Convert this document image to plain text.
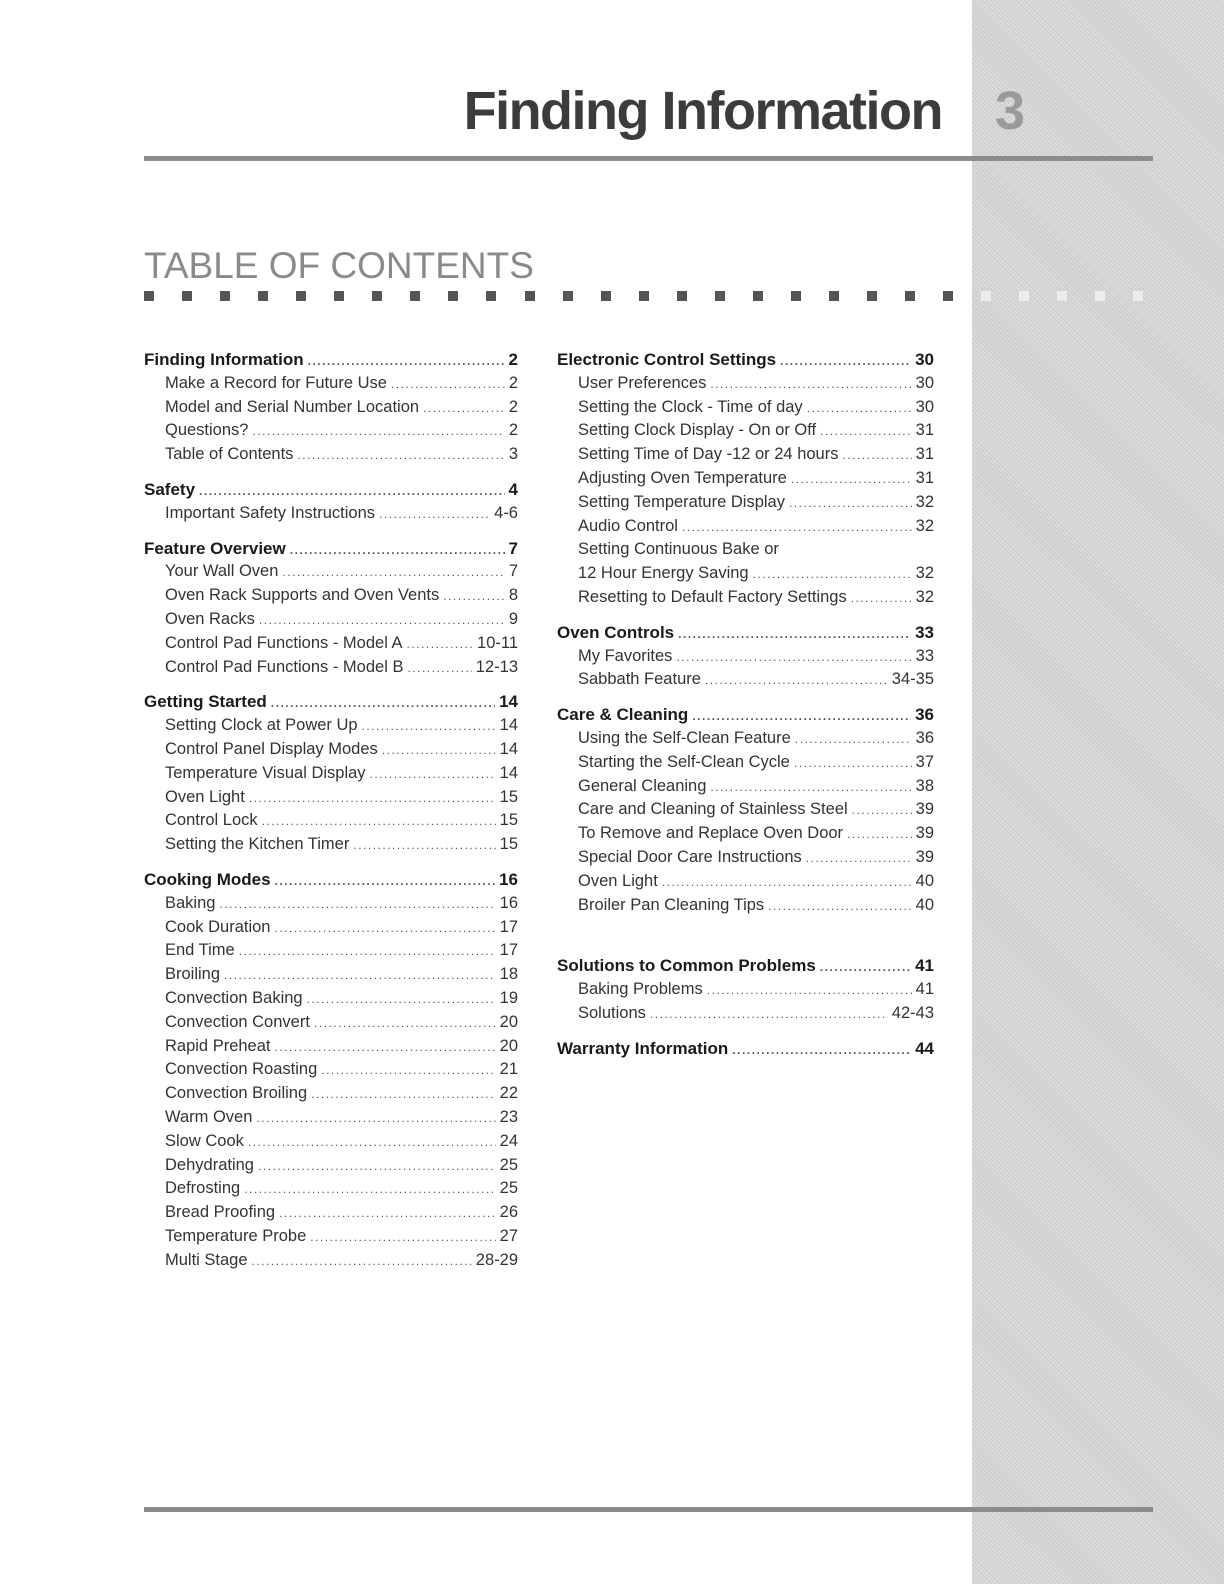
Finding Information 3
TABLE OF CONTENTS
Finding Information .....	2
Make a Record for Future Use .....	2
Model and Serial Number Location .....	2
Questions? .....	2
Table of Contents .....	3
Safety .....	4
Important Safety Instructions .....	4-6
Feature Overview .....	7
Your Wall Oven .....	7
Oven Rack Supports and Oven Vents .....	8
Oven Racks .....	9
Control Pad Functions - Model A .....	10-11
Control Pad Functions - Model B .....	12-13
Getting Started .....	14
Setting Clock at Power Up .....	14
Control Panel Display Modes .....	14
Temperature Visual Display .....	14
Oven Light .....	15
Control Lock .....	15
Setting the Kitchen Timer .....	15
Cooking Modes .....	16
Baking .....	16
Cook Duration .....	17
End Time .....	17
Broiling .....	18
Convection Baking .....	19
Convection Convert .....	20
Rapid Preheat .....	20
Convection Roasting .....	21
Convection Broiling .....	22
Warm Oven .....	23
Slow Cook .....	24
Dehydrating .....	25
Defrosting .....	25
Bread Proofing .....	26
Temperature Probe .....	27
Multi Stage .....	28-29
Electronic Control Settings .....	30
User Preferences .....	30
Setting the Clock - Time of day .....	30
Setting Clock Display - On or Off .....	31
Setting Time of Day -12 or 24 hours .....	31
Adjusting Oven Temperature .....	31
Setting Temperature Display .....	32
Audio Control .....	32
Setting Continuous Bake or
12 Hour Energy Saving .....	32
Resetting to Default Factory Settings .....	32
Oven Controls .....	33
My Favorites .....	33
Sabbath Feature .....	34-35
Care & Cleaning .....	36
Using the Self-Clean Feature .....	36
Starting the Self-Clean Cycle .....	37
General Cleaning .....	38
Care and Cleaning of Stainless Steel .....	39
To Remove and Replace Oven Door .....	39
Special Door Care Instructions .....	39
Oven Light .....	40
Broiler Pan Cleaning Tips .....	40
Solutions to Common Problems .....	41
Baking Problems .....	41
Solutions .....	42-43
Warranty Information .....	44
